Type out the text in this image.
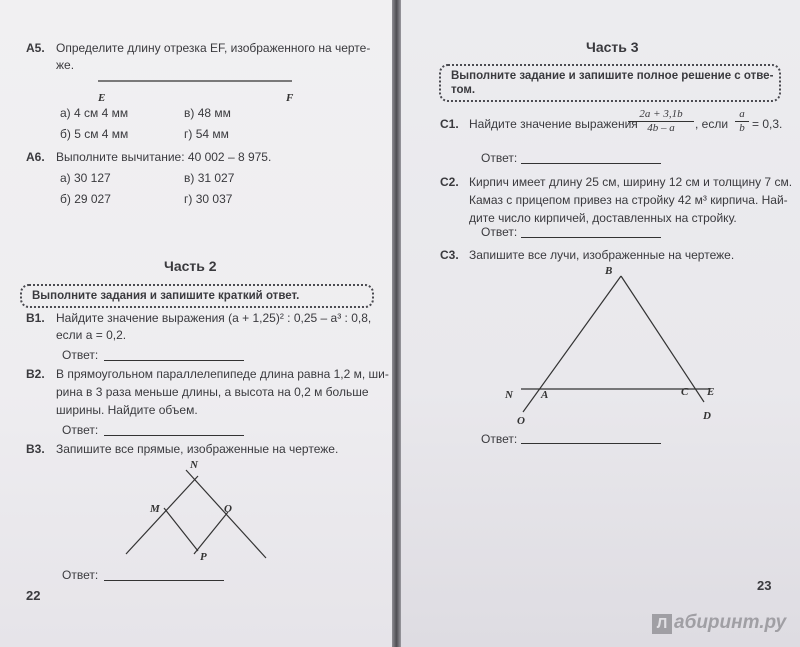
А5. Определите длину отрезка EF, изображенного на черте-
же.
E	F
а) 4 см 4 мм	в) 48 мм
б) 5 см 4 мм	г) 54 мм
А6. Выполните вычитание: 40 002 – 8 975.
а) 30 127	в) 31 027
б) 29 027	г) 30 037
Часть 2
Выполните задания и запишите краткий ответ.
В1. Найдите значение выражения (a + 1,25)² : 0,25 – a³ : 0,8,
если a = 0,2.
Ответ:
В2. В прямоугольном параллелепипеде длина равна 1,2 м, ши-
рина в 3 раза меньше длины, а высота на 0,2 м больше
ширины. Найдите объем.
Ответ:
В3. Запишите все прямые, изображенные на чертеже.
N
M	O
P
Ответ:
22
Часть 3
Выполните задание и запишите полное решение с отве-
том.
С1. Найдите значение выражения
$\frac{2a + 3,1b}{4b - a}$ , если $\frac{a}{b} = 0,3$.
Ответ:
С2. Кирпич имеет длину 25 см, ширину 12 см и толщину 7 см.
Камаз с прицепом привез на стройку 42 м³ кирпича. Най-
дите число кирпичей, доставленных на стройку.
Ответ:
С3. Запишите все лучи, изображенные на чертеже.
B
N	A	C E
O	D
Ответ:
23
Л абиринт.ру
